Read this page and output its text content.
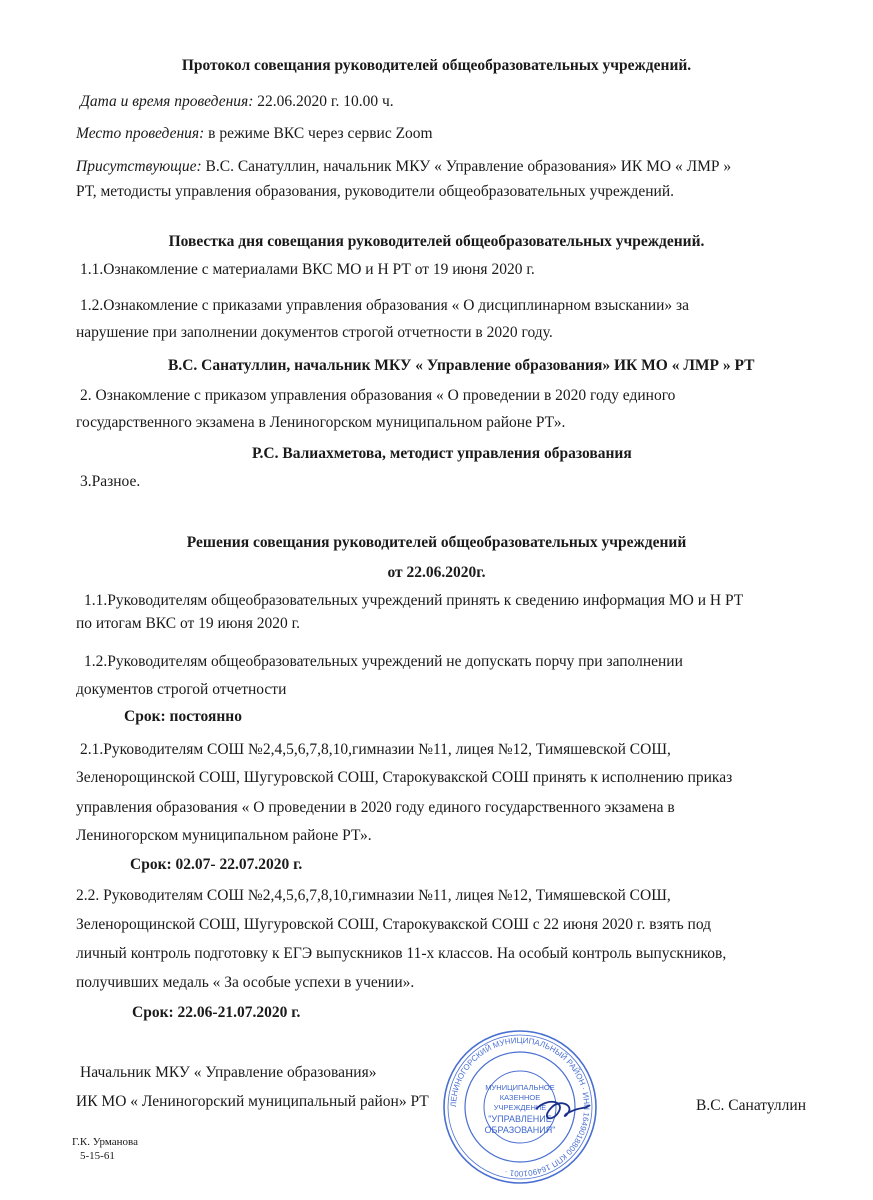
Протокол совещания руководителей общеобразовательных учреждений.
Дата и время проведения: 22.06.2020 г. 10.00 ч.
Место проведения: в режиме ВКС через сервис Zoom
Присутствующие: В.С. Санатуллин, начальник МКУ « Управление образования» ИК МО « ЛМР »
РТ, методисты управления образования, руководители общеобразовательных учреждений.
Повестка дня совещания руководителей общеобразовательных учреждений.
1.1.Ознакомление с материалами ВКС МО и Н РТ от 19 июня 2020 г.
1.2.Ознакомление с приказами управления образования « О дисциплинарном взыскании» за
нарушение при заполнении документов строгой отчетности в 2020 году.
В.С. Санатуллин, начальник МКУ « Управление образования» ИК МО « ЛМР » РТ
2. Ознакомление с приказом управления образования « О проведении в 2020 году единого
государственного экзамена в Лениногорском муниципальном районе РТ».
Р.С. Валиахметова, методист управления образования
3.Разное.
Решения совещания руководителей общеобразовательных учреждений
от 22.06.2020г.
1.1.Руководителям общеобразовательных учреждений принять к сведению информация МО и Н РТ
по итогам ВКС от 19 июня 2020 г.
1.2.Руководителям общеобразовательных учреждений не допускать порчу при заполнении
документов строгой отчетности
Срок: постоянно
2.1.Руководителям СОШ №2,4,5,6,7,8,10,гимназии №11, лицея №12, Тимяшевской СОШ,
Зеленорощинской СОШ, Шугуровской СОШ, Старокувакской СОШ принять к исполнению приказ
управления образования « О проведении в 2020 году единого государственного экзамена в
Лениногорском муниципальном районе РТ».
Срок: 02.07- 22.07.2020 г.
2.2. Руководителям СОШ №2,4,5,6,7,8,10,гимназии №11, лицея №12, Тимяшевской СОШ,
Зеленорощинской СОШ, Шугуровской СОШ, Старокувакской СОШ с 22 июня 2020 г. взять под
личный контроль подготовку к ЕГЭ выпускников 11-х классов. На особый контроль выпускников,
получивших медаль « За особые успехи в учении».
Срок: 22.06-21.07.2020 г.
Начальник МКУ « Управление образования»
ИК МО « Лениногорский муниципальный район» РТ	В.С. Санатуллин
Г.К. Урманова
5-15-61
ЛЕНИНОГОРСКИЙ МУНИЦИПАЛЬНЫЙ РАЙОН · ИНН 1649018800 КПП 164901001 ·
МУНИЦИПАЛЬНОЕ
КАЗЕННОЕ
УЧРЕЖДЕНИЕ
"УПРАВЛЕНИЕ
ОБРАЗОВАНИЯ"
